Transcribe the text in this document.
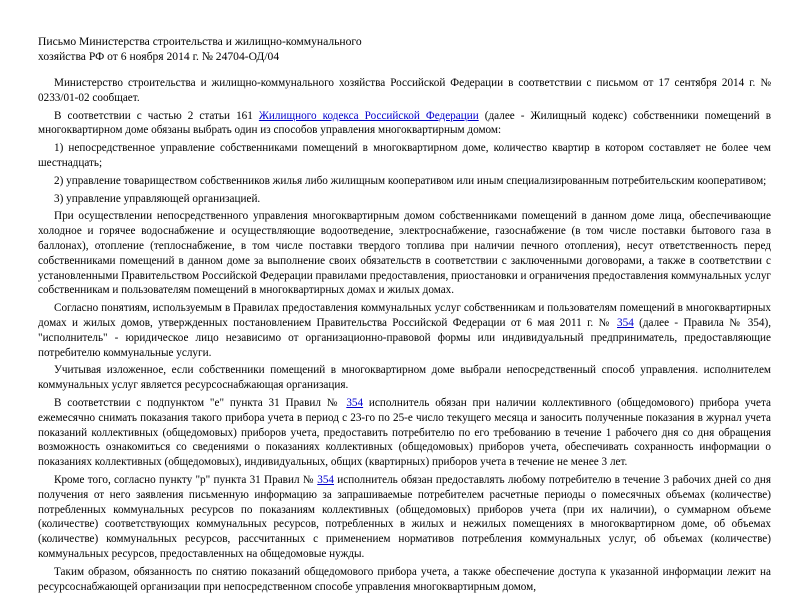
Письмо Министерства строительства и жилищно-коммунального
хозяйства РФ от 6 ноября 2014 г. № 24704-ОД/04

Министерство строительства и жилищно-коммунального хозяйства Российской Федерации в соответствии с письмом от 17 сентября 2014 г. № 0233/01-02 сообщает.

В соответствии с частью 2 статьи 161 Жилищного кодекса Российской Федерации (далее - Жилищный кодекс) собственники помещений в многоквартирном доме обязаны выбрать один из способов управления многоквартирным домом:

1) непосредственное управление собственниками помещений в многоквартирном доме, количество квартир в котором составляет не более чем шестнадцать;

2) управление товариществом собственников жилья либо жилищным кооперативом или иным специализированным потребительским кооперативом;

3) управление управляющей организацией.

При осуществлении непосредственного управления многоквартирным домом собственниками помещений в данном доме лица, обеспечивающие холодное и горячее водоснабжение и осуществляющие водоотведение, электроснабжение, газоснабжение (в том числе поставки бытового газа в баллонах), отопление (теплоснабжение, в том числе поставки твердого топлива при наличии печного отопления), несут ответственность перед собственниками помещений в данном доме за выполнение своих обязательств в соответствии с заключенными договорами, а также в соответствии с установленными Правительством Российской Федерации правилами предоставления, приостановки и ограничения предоставления коммунальных услуг собственникам и пользователям помещений в многоквартирных домах и жилых домах.

Согласно понятиям, используемым в Правилах предоставления коммунальных услуг собственникам и пользователям помещений в многоквартирных домах и жилых домов, утвержденных постановлением Правительства Российской Федерации от 6 мая 2011 г. № 354 (далее - Правила № 354), "исполнитель" - юридическое лицо независимо от организационно-правовой формы или индивидуальный предприниматель, предоставляющие потребителю коммунальные услуги.

Учитывая изложенное, если собственники помещений в многоквартирном доме выбрали непосредственный способ управления. исполнителем коммунальных услуг является ресурсоснабжающая организация.

В соответствии с подпунктом "е" пункта 31 Правил № 354 исполнитель обязан при наличии коллективного (общедомового) прибора учета ежемесячно снимать показания такого прибора учета в период с 23-го по 25-е число текущего месяца и заносить полученные показания в журнал учета показаний коллективных (общедомовых) приборов учета, предоставить потребителю по его требованию в течение 1 рабочего дня со дня обращения возможность ознакомиться со сведениями о показаниях коллективных (общедомовых) приборов учета, обеспечивать сохранность информации о показаниях коллективных (общедомовых), индивидуальных, общих (квартирных) приборов учета в течение не менее 3 лет.

Кроме того, согласно пункту "р" пункта 31 Правил № 354 исполнитель обязан предоставлять любому потребителю в течение 3 рабочих дней со дня получения от него заявления письменную информацию за запрашиваемые потребителем расчетные периоды о помесячных объемах (количестве) потребленных коммунальных ресурсов по показаниям коллективных (общедомовых) приборов учета (при их наличии), о суммарном объеме (количестве) соответствующих коммунальных ресурсов, потребленных в жилых и нежилых помещениях в многоквартирном доме, об объемах (количестве) коммунальных ресурсов, рассчитанных с применением нормативов потребления коммунальных услуг, об объемах (количестве) коммунальных ресурсов, предоставленных на общедомовые нужды.

Таким образом, обязанность по снятию показаний общедомового прибора учета, а также обеспечение доступа к указанной информации лежит на ресурсоснабжающей организации при непосредственном способе управления многоквартирным домом,
